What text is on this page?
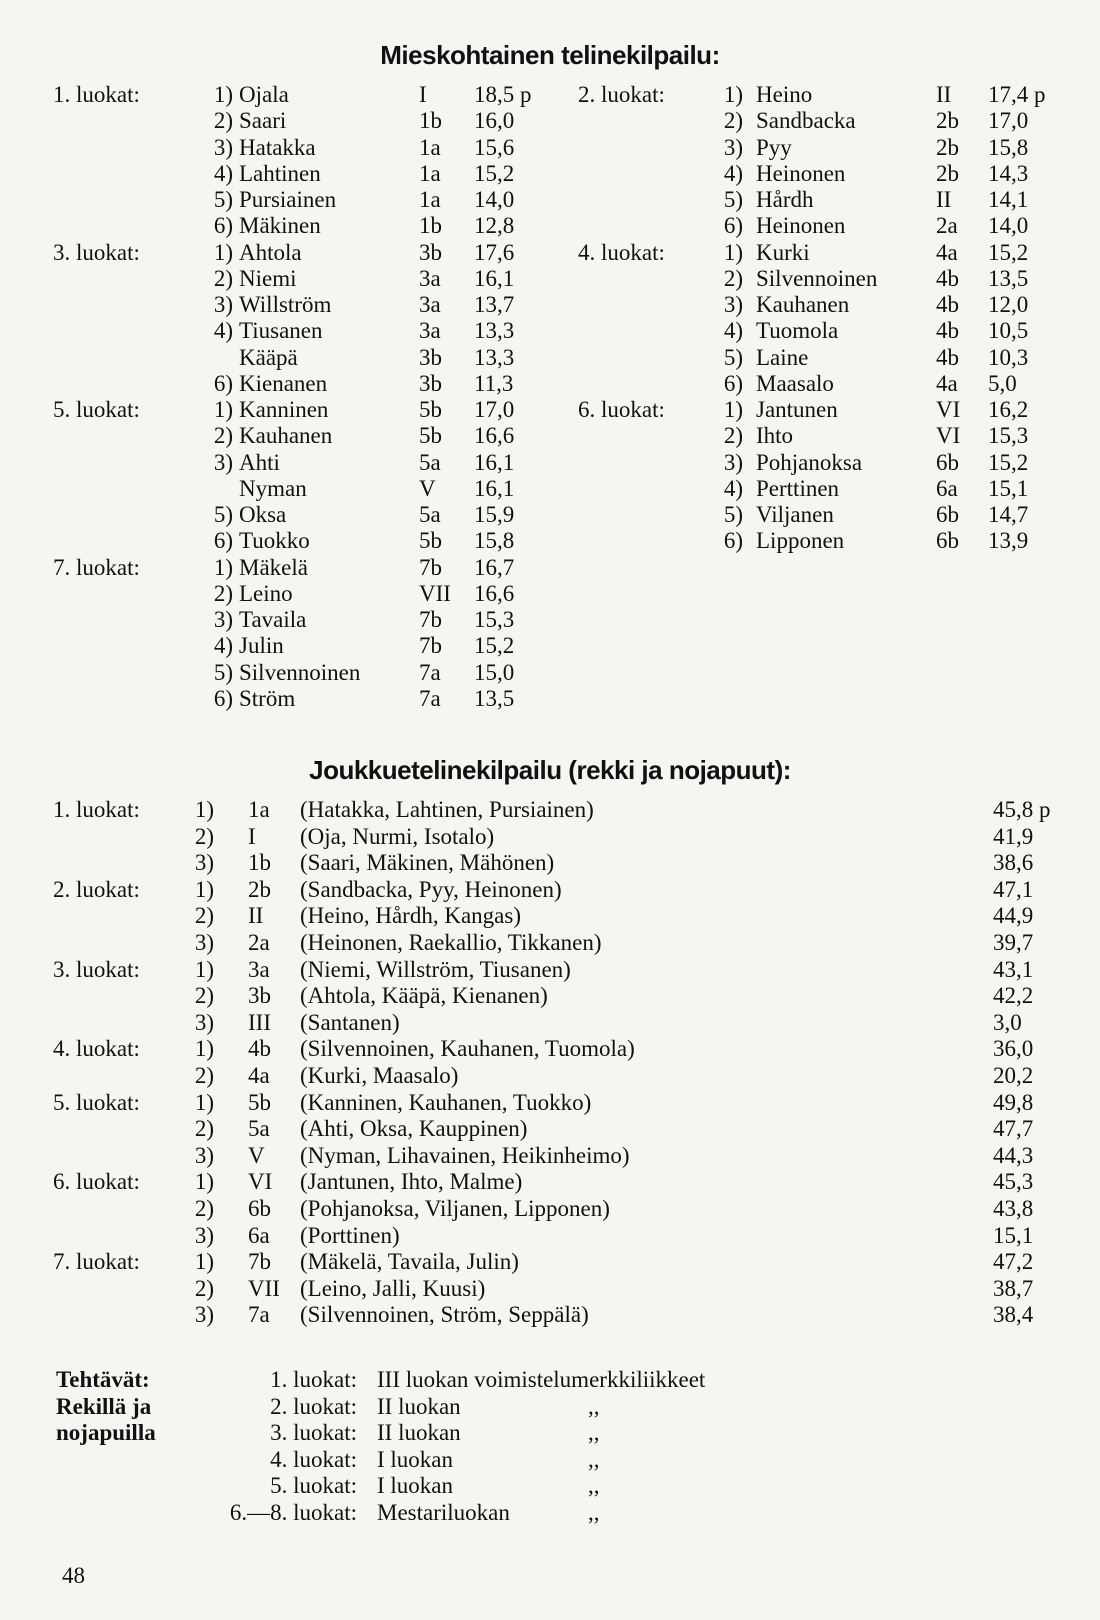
Mieskohtainen telinekilpailu:
1. luokat:	1) Ojala	I 18,5 p
2) Saari	1b 16,0
3) Hatakka	1a 15,6
4) Lahtinen	1a 15,2
5) Pursiainen	1a 14,0
6) Mäkinen	1b 12,8
3. luokat:	1) Ahtola	3b 17,6
2) Niemi	3a 16,1
3) Willström	3a 13,7
4) Tiusanen	3a 13,3
Kääpä	3b 13,3
6) Kienanen	3b 11,3
5. luokat:	1) Kanninen	5b 17,0
2) Kauhanen	5b 16,6
3) Ahti	5a 16,1
Nyman	V 16,1
5) Oksa	5a 15,9
6) Tuokko	5b 15,8
7. luokat:	1) Mäkelä	7b 16,7
2) Leino	VII 16,6
3) Tavaila	7b 15,3
4) Julin	7b 15,2
5) Silvennoinen	7a 15,0
6) Ström	7a 13,5
2. luokat:	1) Heino	II 17,4 p
2) Sandbacka	2b 17,0
3) Pyy	2b 15,8
4) Heinonen	2b 14,3
5) Hårdh	II 14,1
6) Heinonen	2a 14,0
4. luokat:	1) Kurki	4a 15,2
2) Silvennoinen	4b 13,5
3) Kauhanen	4b 12,0
4) Tuomola	4b 10,5
5) Laine	4b 10,3
6) Maasalo	4a 5,0
6. luokat:	1) Jantunen	VI 16,2
2) Ihto	VI 15,3
3) Pohjanoksa	6b 15,2
4) Perttinen	6a 15,1
5) Viljanen	6b 14,7
6) Lipponen	6b 13,9
Joukkuetelinekilpailu (rekki ja nojapuut):
1. luokat:	1) 1a (Hatakka, Lahtinen, Pursiainen)	45,8 p
2) I (Oja, Nurmi, Isotalo)	41,9
3) 1b (Saari, Mäkinen, Mähönen)	38,6
2. luokat:	1) 2b (Sandbacka, Pyy, Heinonen)	47,1
2) II (Heino, Hårdh, Kangas)	44,9
3) 2a (Heinonen, Raekallio, Tikkanen)	39,7
3. luokat:	1) 3a (Niemi, Willström, Tiusanen)	43,1
2) 3b (Ahtola, Kääpä, Kienanen)	42,2
3) III (Santanen)	3,0
4. luokat:	1) 4b (Silvennoinen, Kauhanen, Tuomola)	36,0
2) 4a (Kurki, Maasalo)	20,2
5. luokat:	1) 5b (Kanninen, Kauhanen, Tuokko)	49,8
2) 5a (Ahti, Oksa, Kauppinen)	47,7
3) V (Nyman, Lihavainen, Heikinheimo)	44,3
6. luokat:	1) VI (Jantunen, Ihto, Malme)	45,3
2) 6b (Pohjanoksa, Viljanen, Lipponen)	43,8
3) 6a (Porttinen)	15,1
7. luokat:	1) 7b (Mäkelä, Tavaila, Julin)	47,2
2) VII (Leino, Jalli, Kuusi)	38,7
3) 7a (Silvennoinen, Ström, Seppälä)	38,4
Tehtävät:
Rekillä ja
nojapuilla
1. luokat: III luokan voimistelumerkkiliikkeet
2. luokat: II luokan	,,
3. luokat: II luokan	,,
4. luokat: I luokan	,,
5. luokat: I luokan	,,
6.—8. luokat: Mestariluokan	,,
48
